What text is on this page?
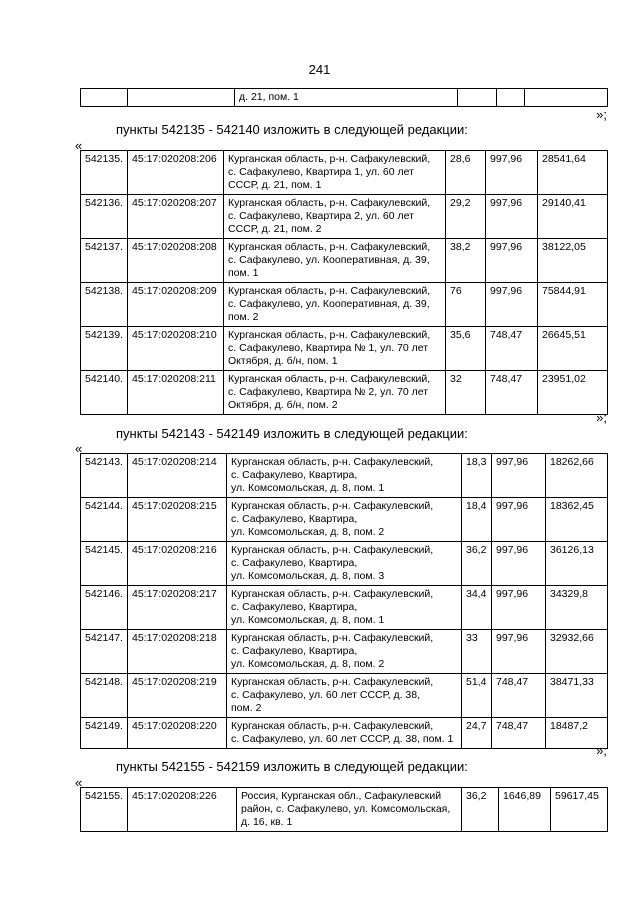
241
		д. 21, пом. 1			
»;
пункты 542135 - 542140 изложить в следующей редакции:
«
542135.	45:17:020208:206	Курганская область, р-н. Сафакулевский,
с. Сафакулево, Квартира 1, ул. 60 лет
СССР, д. 21, пом. 1	28,6	997,96	28541,64
542136.	45:17:020208:207	Курганская область, р-н. Сафакулевский,
с. Сафакулево, Квартира 2, ул. 60 лет
СССР, д. 21, пом. 2	29,2	997,96	29140,41
542137.	45:17:020208:208	Курганская область, р-н. Сафакулевский,
с. Сафакулево, ул. Кооперативная, д. 39,
пом. 1	38,2	997,96	38122,05
542138.	45:17:020208:209	Курганская область, р-н. Сафакулевский,
с. Сафакулево, ул. Кооперативная, д. 39,
пом. 2	76	997,96	75844,91
542139.	45:17:020208:210	Курганская область, р-н. Сафакулевский,
с. Сафакулево, Квартира № 1, ул. 70 лет
Октября, д. б/н, пом. 1	35,6	748,47	26645,51
542140.	45:17:020208:211	Курганская область, р-н. Сафакулевский,
с. Сафакулево, Квартира № 2, ул. 70 лет
Октября, д. б/н, пом. 2	32	748,47	23951,02
»;
пункты 542143 - 542149 изложить в следующей редакции:
«
542143.	45:17:020208:214	Курганская область, р-н. Сафакулевский,
с. Сафакулево, Квартира,
ул. Комсомольская, д. 8, пом. 1	18,3	997,96	18262,66
542144.	45:17:020208:215	Курганская область, р-н. Сафакулевский,
с. Сафакулево, Квартира,
ул. Комсомольская, д. 8, пом. 2	18,4	997,96	18362,45
542145.	45:17:020208:216	Курганская область, р-н. Сафакулевский,
с. Сафакулево, Квартира,
ул. Комсомольская, д. 8, пом. 3	36,2	997,96	36126,13
542146.	45:17:020208:217	Курганская область, р-н. Сафакулевский,
с. Сафакулево, Квартира,
ул. Комсомольская, д. 8, пом. 1	34,4	997,96	34329,8
542147.	45:17:020208:218	Курганская область, р-н. Сафакулевский,
с. Сафакулево, Квартира,
ул. Комсомольская, д. 8, пом. 2	33	997,96	32932,66
542148.	45:17:020208:219	Курганская область, р-н. Сафакулевский,
с. Сафакулево, ул. 60 лет СССР, д. 38,
пом. 2	51,4	748,47	38471,33
542149.	45:17:020208:220	Курганская область, р-н. Сафакулевский,
с. Сафакулево, ул. 60 лет СССР, д. 38, пом. 1	24,7	748,47	18487,2
»;
пункты 542155 - 542159 изложить в следующей редакции:
«
542155.	45:17:020208:226	Россия, Курганская обл., Сафакулевский
район, с. Сафакулево, ул. Комсомольская,
д. 16, кв. 1	36,2	1646,89	59617,45
